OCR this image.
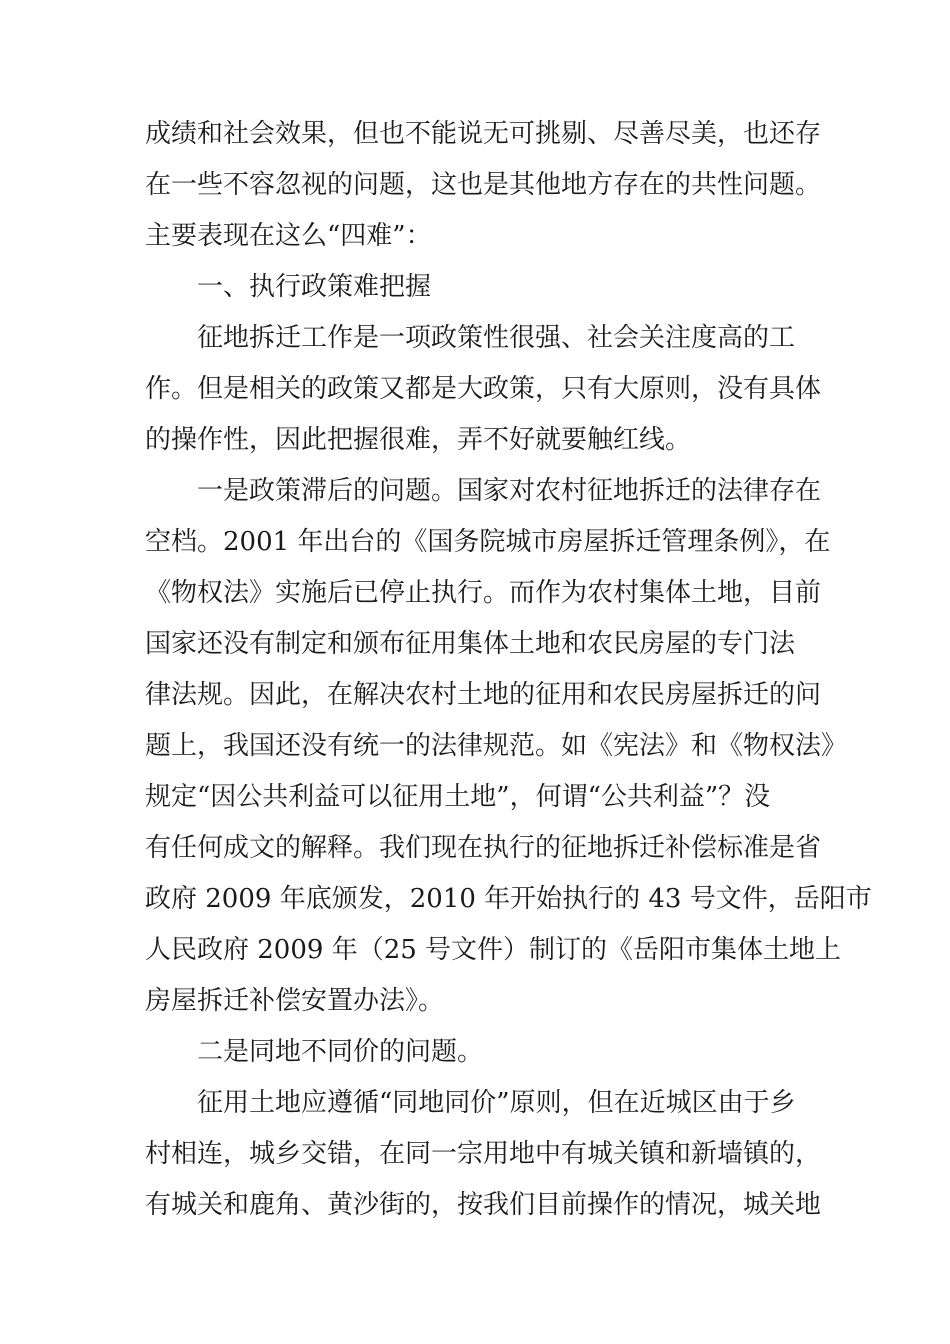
成绩和社会效果，但也不能说无可挑剔、尽善尽美，也还存
在一些不容忽视的问题，这也是其他地方存在的共性问题。
主要表现在这么“四难”：
一、执行政策难把握
征地拆迁工作是一项政策性很强、社会关注度高的工
作。但是相关的政策又都是大政策，只有大原则，没有具体
的操作性，因此把握很难，弄不好就要触红线。
一是政策滞后的问题。国家对农村征地拆迁的法律存在
空档。2001 年出台的《国务院城市房屋拆迁管理条例》，在
《物权法》实施后已停止执行。而作为农村集体土地，目前
国家还没有制定和颁布征用集体土地和农民房屋的专门法
律法规。因此，在解决农村土地的征用和农民房屋拆迁的问
题上，我国还没有统一的法律规范。如《宪法》和《物权法》
规定“因公共利益可以征用土地”，何谓“公共利益”？没
有任何成文的解释。我们现在执行的征地拆迁补偿标准是省
政府 2009 年底颁发，2010 年开始执行的 43 号文件，岳阳市
人民政府 2009 年（25 号文件）制订的《岳阳市集体土地上
房屋拆迁补偿安置办法》。
二是同地不同价的问题。
征用土地应遵循“同地同价”原则，但在近城区由于乡
村相连，城乡交错，在同一宗用地中有城关镇和新墙镇的，
有城关和鹿角、黄沙街的，按我们目前操作的情况，城关地
